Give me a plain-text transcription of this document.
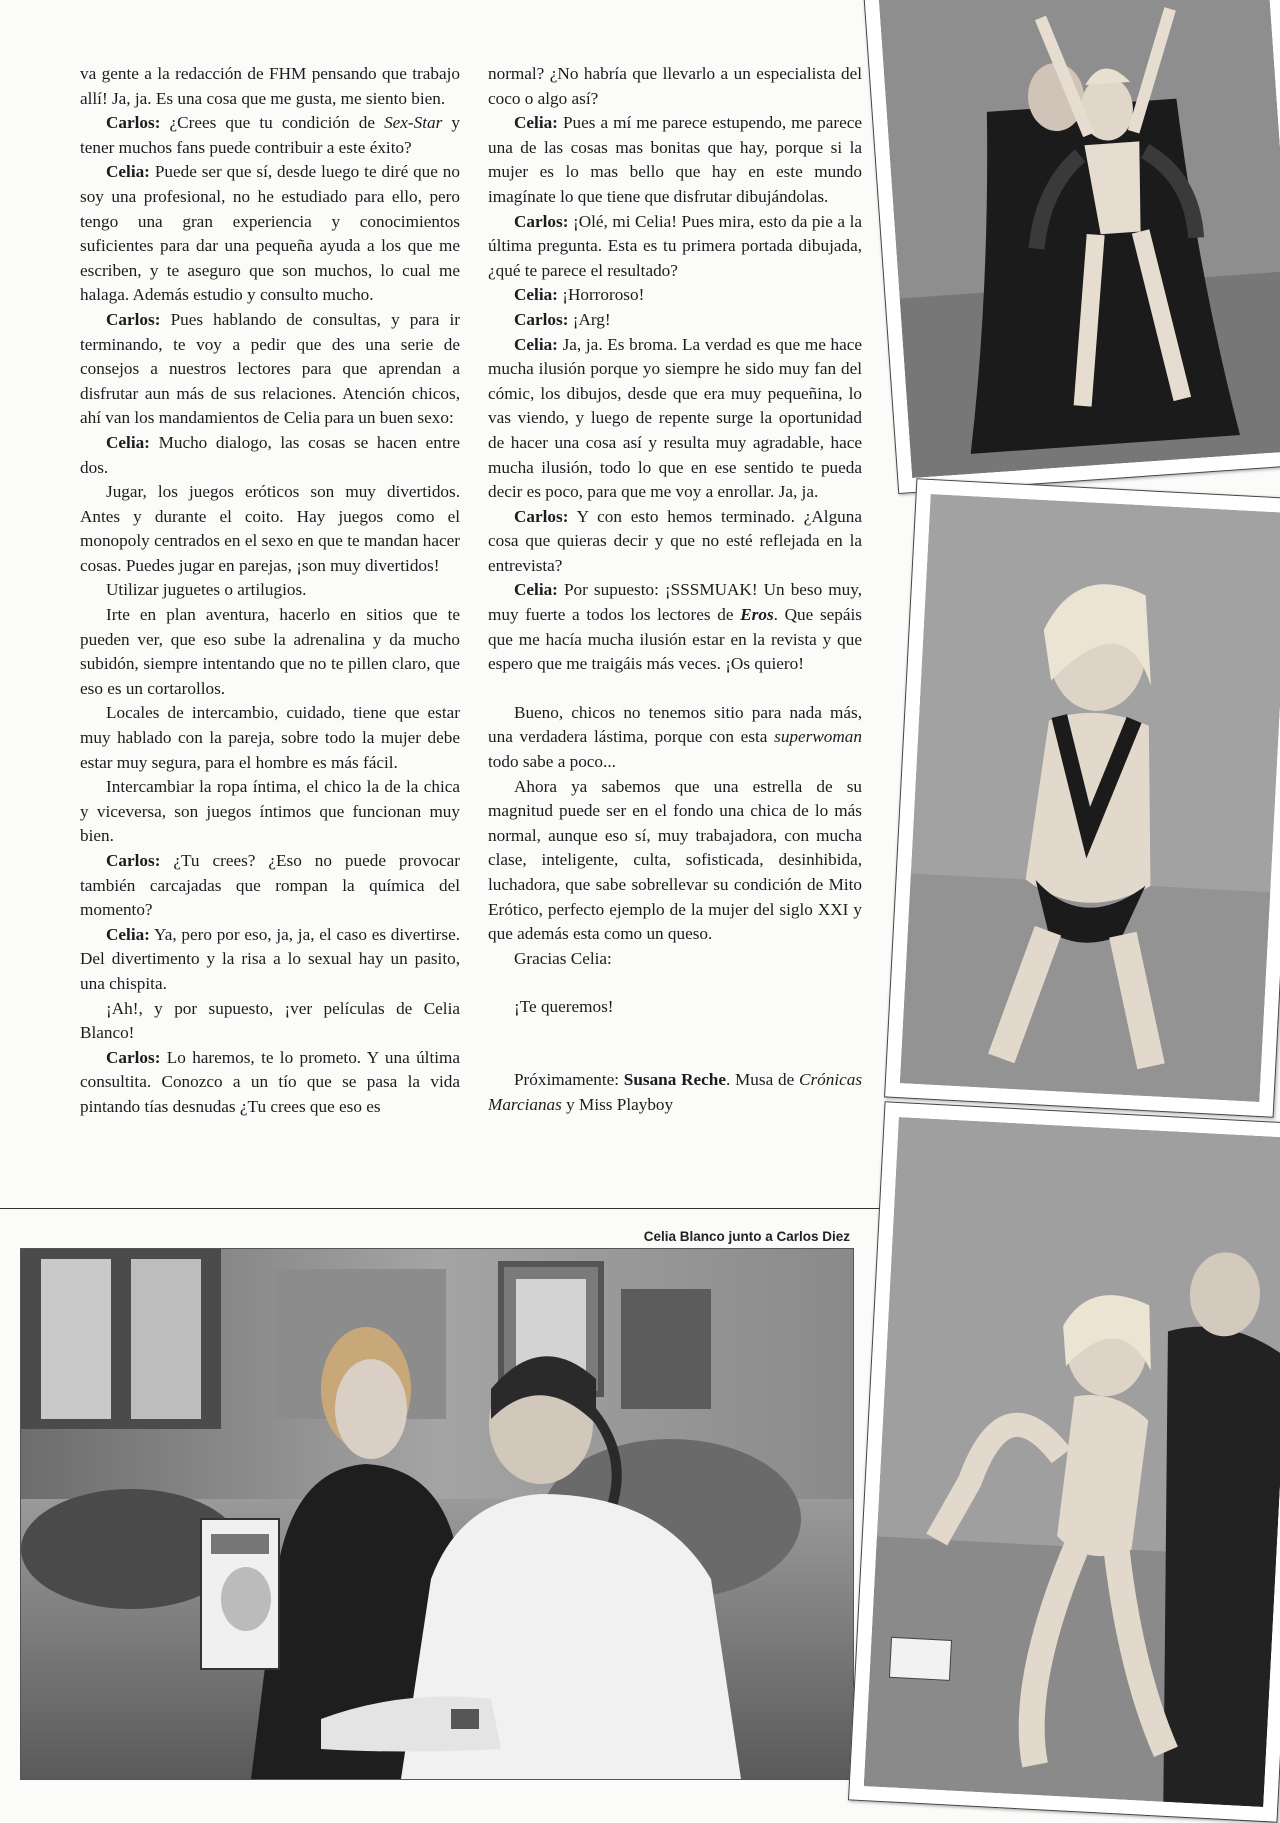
va gente a la redacción de FHM pensando que trabajo allí! Ja, ja. Es una cosa que me gusta, me siento bien.

Carlos: ¿Crees que tu condición de Sex-Star y tener muchos fans puede contribuir a este éxito?

Celia: Puede ser que sí, desde luego te diré que no soy una profesional, no he estudiado para ello, pero tengo una gran experiencia y conocimientos suficientes para dar una pequeña ayuda a los que me escriben, y te aseguro que son muchos, lo cual me halaga. Además estudio y consulto mucho.

Carlos: Pues hablando de consultas, y para ir terminando, te voy a pedir que des una serie de consejos a nuestros lectores para que aprendan a disfrutar aun más de sus relaciones. Atención chicos, ahí van los mandamientos de Celia para un buen sexo:

Celia: Mucho dialogo, las cosas se hacen entre dos.

Jugar, los juegos eróticos son muy divertidos. Antes y durante el coito. Hay juegos como el monopoly centrados en el sexo en que te mandan hacer cosas. Puedes jugar en parejas, ¡son muy divertidos!

Utilizar juguetes o artilugios.

Irte en plan aventura, hacerlo en sitios que te pueden ver, que eso sube la adrenalina y da mucho subidón, siempre intentando que no te pillen claro, que eso es un cortarollos.

Locales de intercambio, cuidado, tiene que estar muy hablado con la pareja, sobre todo la mujer debe estar muy segura, para el hombre es más fácil.

Intercambiar la ropa íntima, el chico la de la chica y viceversa, son juegos íntimos que funcionan muy bien.

Carlos: ¿Tu crees? ¿Eso no puede provocar también carcajadas que rompan la química del momento?

Celia: Ya, pero por eso, ja, ja, el caso es divertirse. Del divertimento y la risa a lo sexual hay un pasito, una chispita.

¡Ah!, y por supuesto, ¡ver películas de Celia Blanco!

Carlos: Lo haremos, te lo prometo. Y una última consultita. Conozco a un tío que se pasa la vida pintando tías desnudas ¿Tu crees que eso es

normal? ¿No habría que llevarlo a un especialista del coco o algo así?

Celia: Pues a mí me parece estupendo, me parece una de las cosas mas bonitas que hay, porque si la mujer es lo mas bello que hay en este mundo imagínate lo que tiene que disfrutar dibujándolas.

Carlos: ¡Olé, mi Celia! Pues mira, esto da pie a la última pregunta. Esta es tu primera portada dibujada, ¿qué te parece el resultado?

Celia: ¡Horroroso!

Carlos: ¡Arg!

Celia: Ja, ja. Es broma. La verdad es que me hace mucha ilusión porque yo siempre he sido muy fan del cómic, los dibujos, desde que era muy pequeñina, lo vas viendo, y luego de repente surge la oportunidad de hacer una cosa así y resulta muy agradable, hace mucha ilusión, todo lo que en ese sentido te pueda decir es poco, para que me voy a enrollar. Ja, ja.

Carlos: Y con esto hemos terminado. ¿Alguna cosa que quieras decir y que no esté reflejada en la entrevista?

Celia: Por supuesto: ¡SSSMUAK! Un beso muy, muy fuerte a todos los lectores de Eros. Que sepáis que me hacía mucha ilusión estar en la revista y que espero que me traigáis más veces. ¡Os quiero!

Bueno, chicos no tenemos sitio para nada más, una verdadera lástima, porque con esta superwoman todo sabe a poco...

Ahora ya sabemos que una estrella de su magnitud puede ser en el fondo una chica de lo más normal, aunque eso sí, muy trabajadora, con mucha clase, inteligente, culta, sofisticada, desinhibida, luchadora, que sabe sobrellevar su condición de Mito Erótico, perfecto ejemplo de la mujer del siglo XXI y que además esta como un queso.

Gracias Celia:

¡Te queremos!

Próximamente: Susana Reche. Musa de Crónicas Marcianas y Miss Playboy

Celia Blanco junto a Carlos Diez
